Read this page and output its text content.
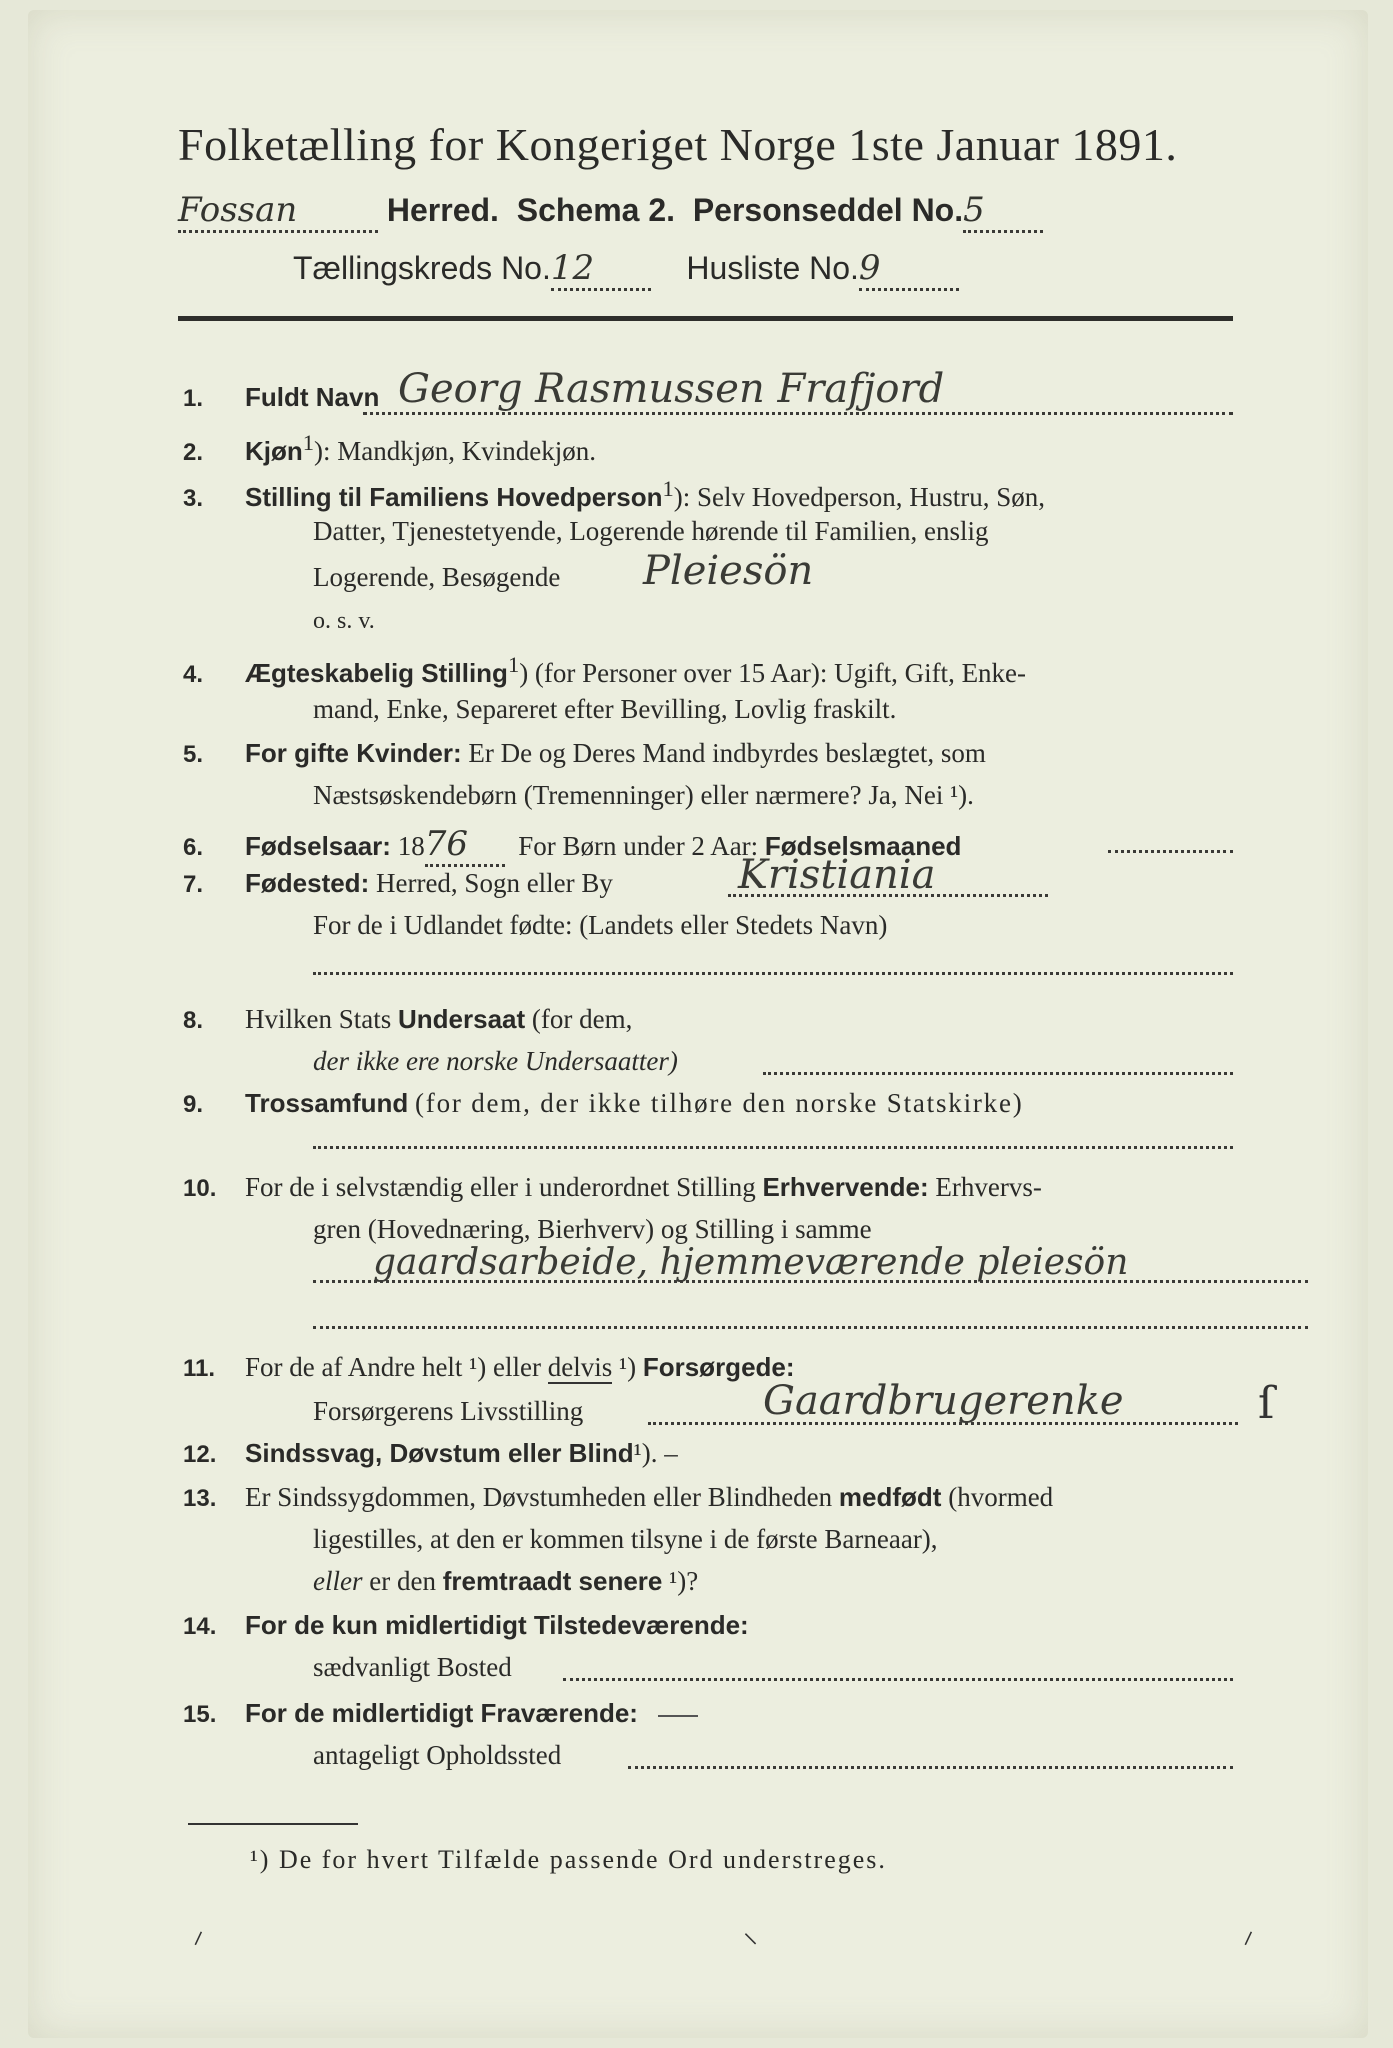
Folketælling for Kongeriget Norge 1ste Januar 1891.
Fossan	Herred. Schema 2. Personseddel No.5
Tællingskreds No.12	Husliste No.9
1. Fuldt Navn Georg Rasmussen Frafjord
2. Kjøn$^1$): Mandkjøn, Kvindekjøn.
3. Stilling til Familiens Hovedperson$^1$): Selv Hovedperson, Hustru, Søn,
Datter, Tjenestetyende, Logerende hørende til Familien, enslig
Logerende, Besøgende Pleiesön
o. s. v.
4. Ægteskabelig Stilling$^1$) (for Personer over 15 Aar): Ugift, Gift, Enke-
mand, Enke, Separeret efter Bevilling, Lovlig fraskilt.
5. For gifte Kvinder: Er De og Deres Mand indbyrdes beslægtet, som
Næstsøskendebørn (Tremenninger) eller nærmere? Ja, Nei ¹).
6. Fødselsaar: 1876 For Børn under 2 Aar: Fødselsmaaned
7. Fødested: Herred, Sogn eller By	Kristiania
For de i Udlandet fødte: (Landets eller Stedets Navn)
8. Hvilken Stats Undersaat (for dem,
der ikke ere norske Undersaatter)
9. Trossamfund (for dem, der ikke tilhøre den norske Statskirke)
10. For de i selvstændig eller i underordnet Stilling Erhvervende: Erhvervs-
gren (Hovednæring, Bierhverv) og Stilling i samme
gaardsarbeide, hjemmeværende pleiesön
11. For de af Andre helt ¹) eller delvis ¹) Forsørgede:
Forsørgerens Livsstilling	Gaardbrugerenke	ſ
12. Sindssvag, Døvstum eller Blind¹). –
13. Er Sindssygdommen, Døvstumheden eller Blindheden medfødt (hvormed
ligestilles, at den er kommen tilsyne i de første Barneaar),
eller er den fremtraadt senere ¹)?
14. For de kun midlertidigt Tilstedeværende:
sædvanligt Bosted
15. For de midlertidigt Fraværende:
antageligt Opholdssted
¹) De for hvert Tilfælde passende Ord understreges.
⸝	⸜	⸝
